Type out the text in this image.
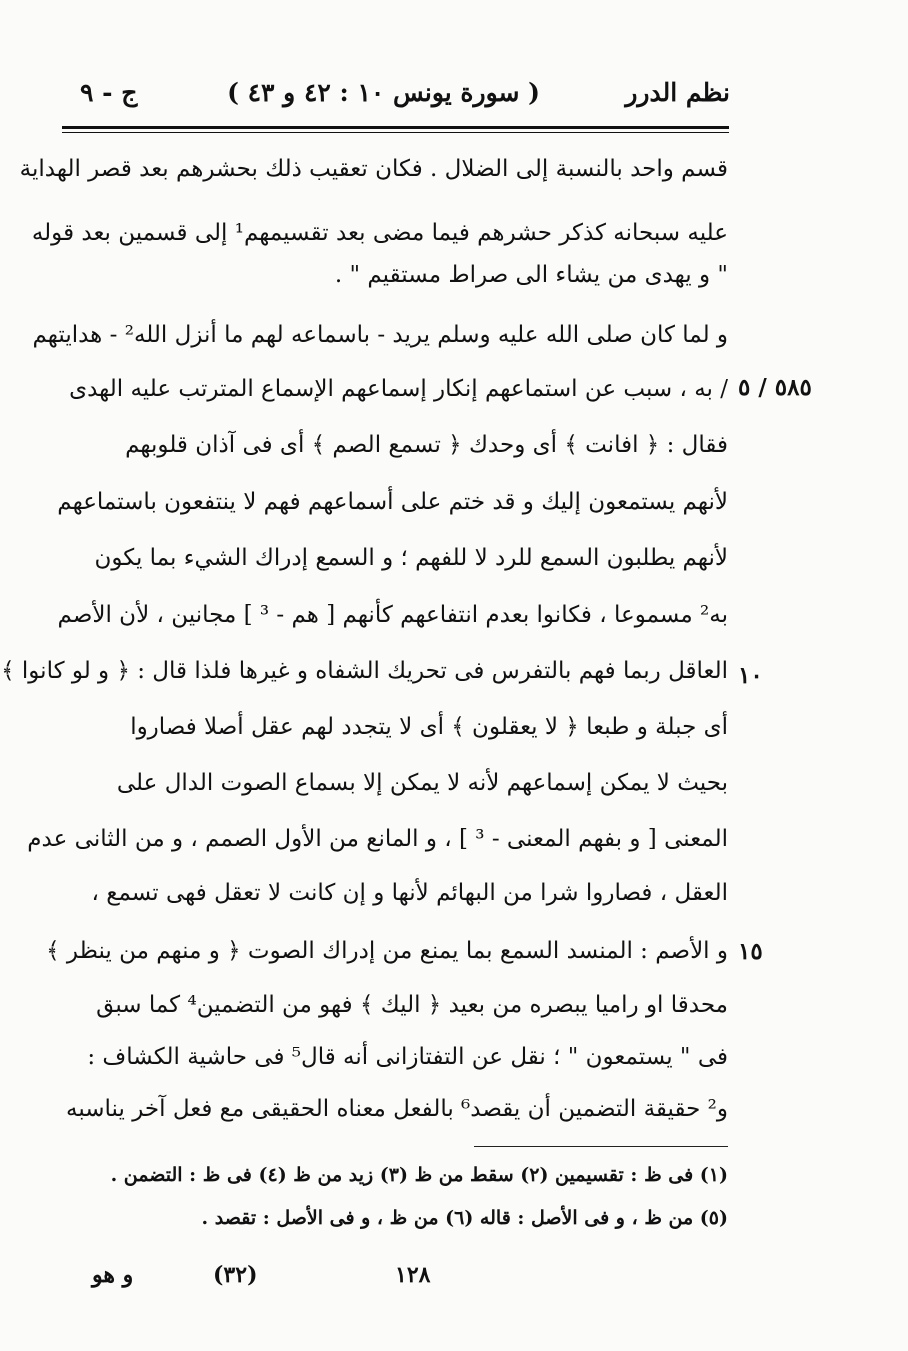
نظم الدرر
( سورة يونس ١٠ : ٤٢ و ٤٣ )
ج - ٩
٥٨٥ / ٥
١٠
١٥
قسم واحد بالنسبة إلى الضلال . فكان تعقيب ذلك بحشرهم بعد قصر الهداية
عليه سبحانه كذكر حشرهم فيما مضى بعد تقسيمهم¹ إلى قسمين بعد قوله
" و يهدى من يشاء الى صراط مستقيم " .
و لما كان صلى الله عليه وسلم يريد - باسماعه لهم ما أنزل الله² - هدايتهم
/ به ، سبب عن استماعهم إنكار إسماعهم الإسماع المترتب عليه الهدى
فقال : ﴿ افانت ﴾ أى وحدك ﴿ تسمع الصم ﴾ أى فى آذان قلوبهم
لأنهم يستمعون إليك و قد ختم على أسماعهم فهم لا ينتفعون باستماعهم
لأنهم يطلبون السمع للرد لا للفهم ؛ و السمع إدراك الشيء بما يكون
به² مسموعا ، فكانوا بعدم انتفاعهم كأنهم [ هم - ³ ] مجانين ، لأن الأصم
العاقل ربما فهم بالتفرس فى تحريك الشفاه و غيرها فلذا قال : ﴿ و لو كانوا ﴾
أى جبلة و طبعا ﴿ لا يعقلون ﴾ أى لا يتجدد لهم عقل أصلا فصاروا
بحيث لا يمكن إسماعهم لأنه لا يمكن إلا بسماع الصوت الدال على
المعنى [ و بفهم المعنى - ³ ] ، و المانع من الأول الصمم ، و من الثانى عدم
العقل ، فصاروا شرا من البهائم لأنها و إن كانت لا تعقل فهى تسمع ،
و الأصم : المنسد السمع بما يمنع من إدراك الصوت ﴿ و منهم من ينظر ﴾
محدقا او راميا يبصره من بعيد ﴿ اليك ﴾ فهو من التضمين⁴ كما سبق
فى " يستمعون " ؛ نقل عن التفتازانى أنه قال⁵ فى حاشية الكشاف :
و² حقيقة التضمين أن يقصد⁶ بالفعل معناه الحقيقى مع فعل آخر يناسبه
(١) فى ظ : تقسيمين (٢) سقط من ظ (٣) زيد من ظ (٤) فى ظ : التضمن .
(٥) من ظ ، و فى الأصل : قاله (٦) من ظ ، و فى الأصل : تقصد .
١٢٨
(٣٢)
و هو
